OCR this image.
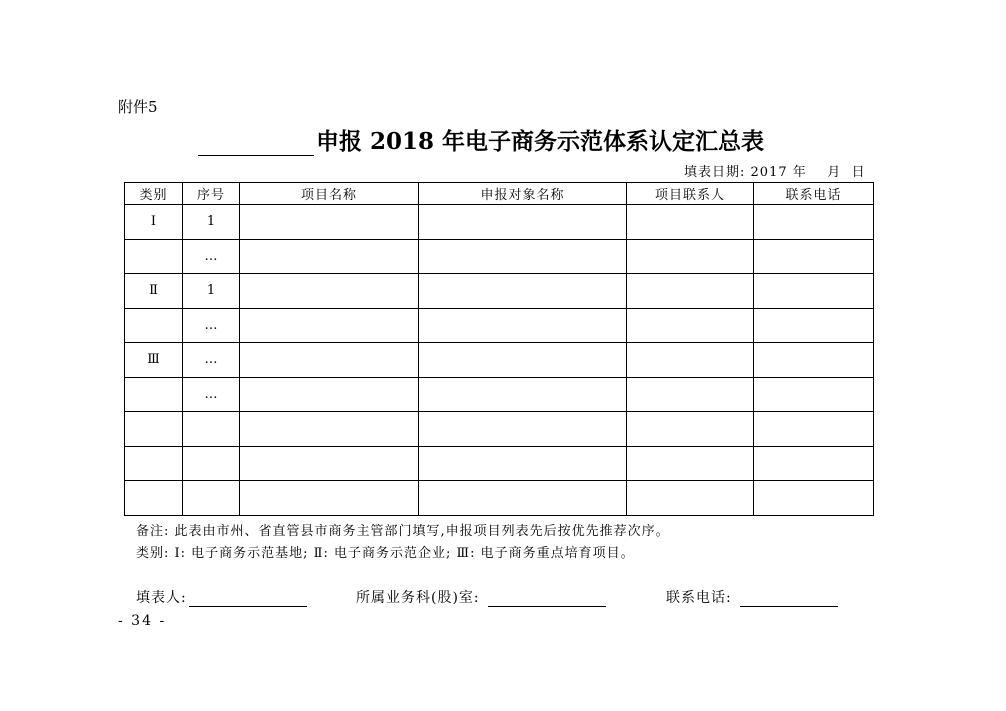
附件5
申报 2018 年电子商务示范体系认定汇总表
填表日期: 2017 年 月 日
类别	序号	项目名称	申报对象名称	项目联系人	联系电话
Ⅰ	1				
	…				
Ⅱ	1				
	…				
Ⅲ	…				
	…				

备注: 此表由市州、省直管县市商务主管部门填写,申报项目列表先后按优先推荐次序。
类别: Ⅰ: 电子商务示范基地; Ⅱ: 电子商务示范企业; Ⅲ: 电子商务重点培育项目。
填表人:	所属业务科(股)室:	联系电话:
- 34 -
